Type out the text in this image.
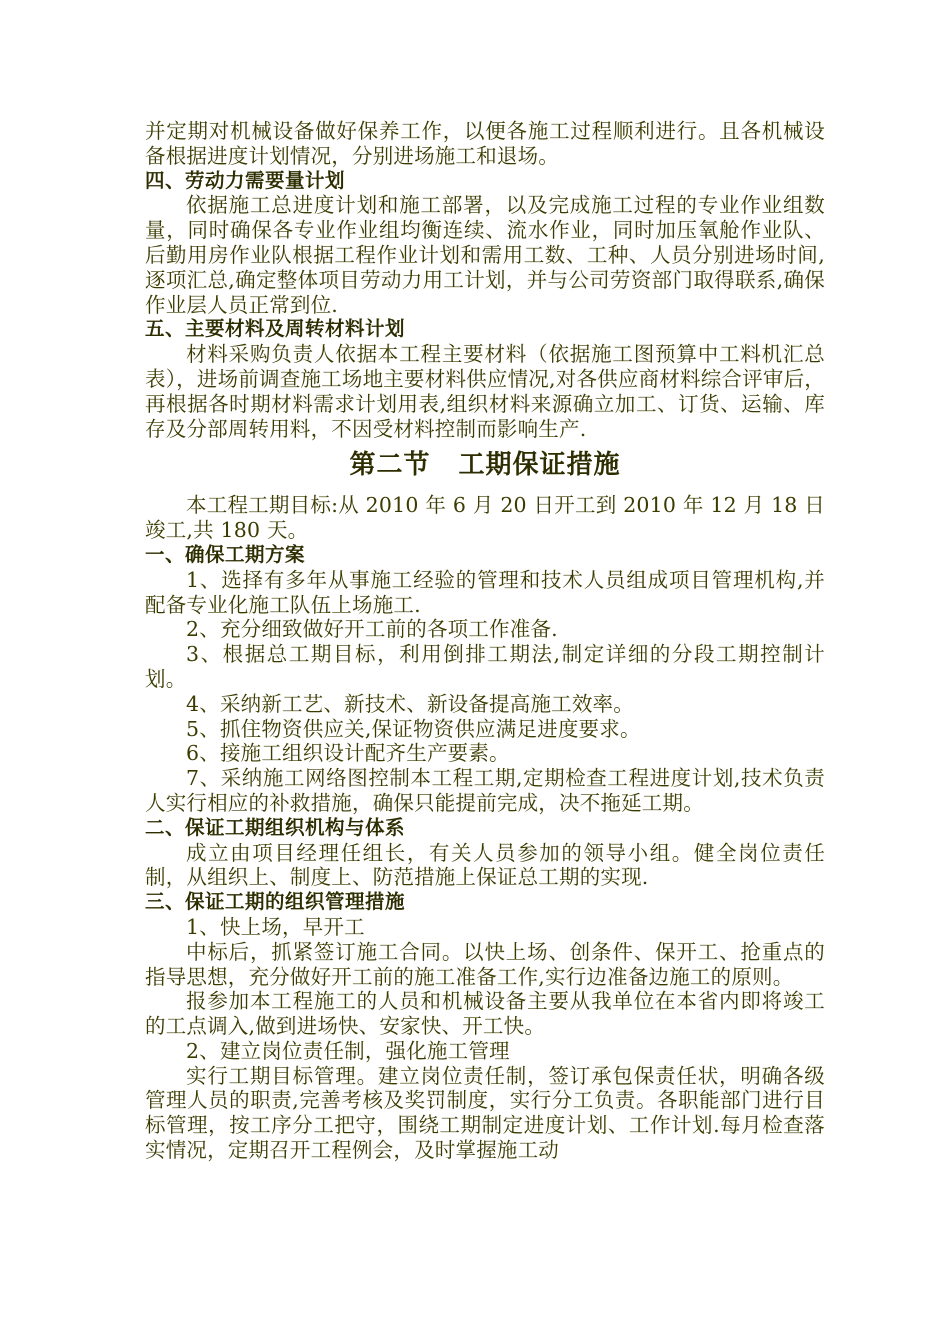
并定期对机械设备做好保养工作，以便各施工过程顺利进行。且各机械设备根据进度计划情况，分别进场施工和退场。

四、劳动力需要量计划

依据施工总进度计划和施工部署，以及完成施工过程的专业作业组数量，同时确保各专业作业组均衡连续、流水作业，同时加压氧舱作业队、后勤用房作业队根据工程作业计划和需用工数、工种、人员分别进场时间,逐项汇总,确定整体项目劳动力用工计划，并与公司劳资部门取得联系,确保作业层人员正常到位.

五、主要材料及周转材料计划

材料采购负责人依据本工程主要材料（依据施工图预算中工料机汇总表），进场前调查施工场地主要材料供应情况,对各供应商材料综合评审后，再根据各时期材料需求计划用表,组织材料来源确立加工、订货、运输、库存及分部周转用料，不因受材料控制而影响生产.

第二节 工期保证措施

本工程工期目标:从 2010 年 6 月 20 日开工到 2010 年 12 月 18 日竣工,共 180 天。

一、确保工期方案

1、选择有多年从事施工经验的管理和技术人员组成项目管理机构,并配备专业化施工队伍上场施工.

2、充分细致做好开工前的各项工作准备.

3、根据总工期目标，利用倒排工期法,制定详细的分段工期控制计划。

4、采纳新工艺、新技术、新设备提高施工效率。

5、抓住物资供应关,保证物资供应满足进度要求。

6、接施工组织设计配齐生产要素。

7、采纳施工网络图控制本工程工期,定期检查工程进度计划,技术负责人实行相应的补救措施，确保只能提前完成，决不拖延工期。

二、保证工期组织机构与体系

成立由项目经理任组长，有关人员参加的领导小组。健全岗位责任制，从组织上、制度上、防范措施上保证总工期的实现.

三、保证工期的组织管理措施

1、快上场，早开工

中标后，抓紧签订施工合同。以快上场、创条件、保开工、抢重点的指导思想，充分做好开工前的施工准备工作,实行边准备边施工的原则。

报参加本工程施工的人员和机械设备主要从我单位在本省内即将竣工的工点调入,做到进场快、安家快、开工快。

2、建立岗位责任制，强化施工管理

实行工期目标管理。建立岗位责任制，签订承包保责任状，明确各级管理人员的职责,完善考核及奖罚制度，实行分工负责。各职能部门进行目标管理，按工序分工把守，围绕工期制定进度计划、工作计划.每月检查落实情况，定期召开工程例会，及时掌握施工动
